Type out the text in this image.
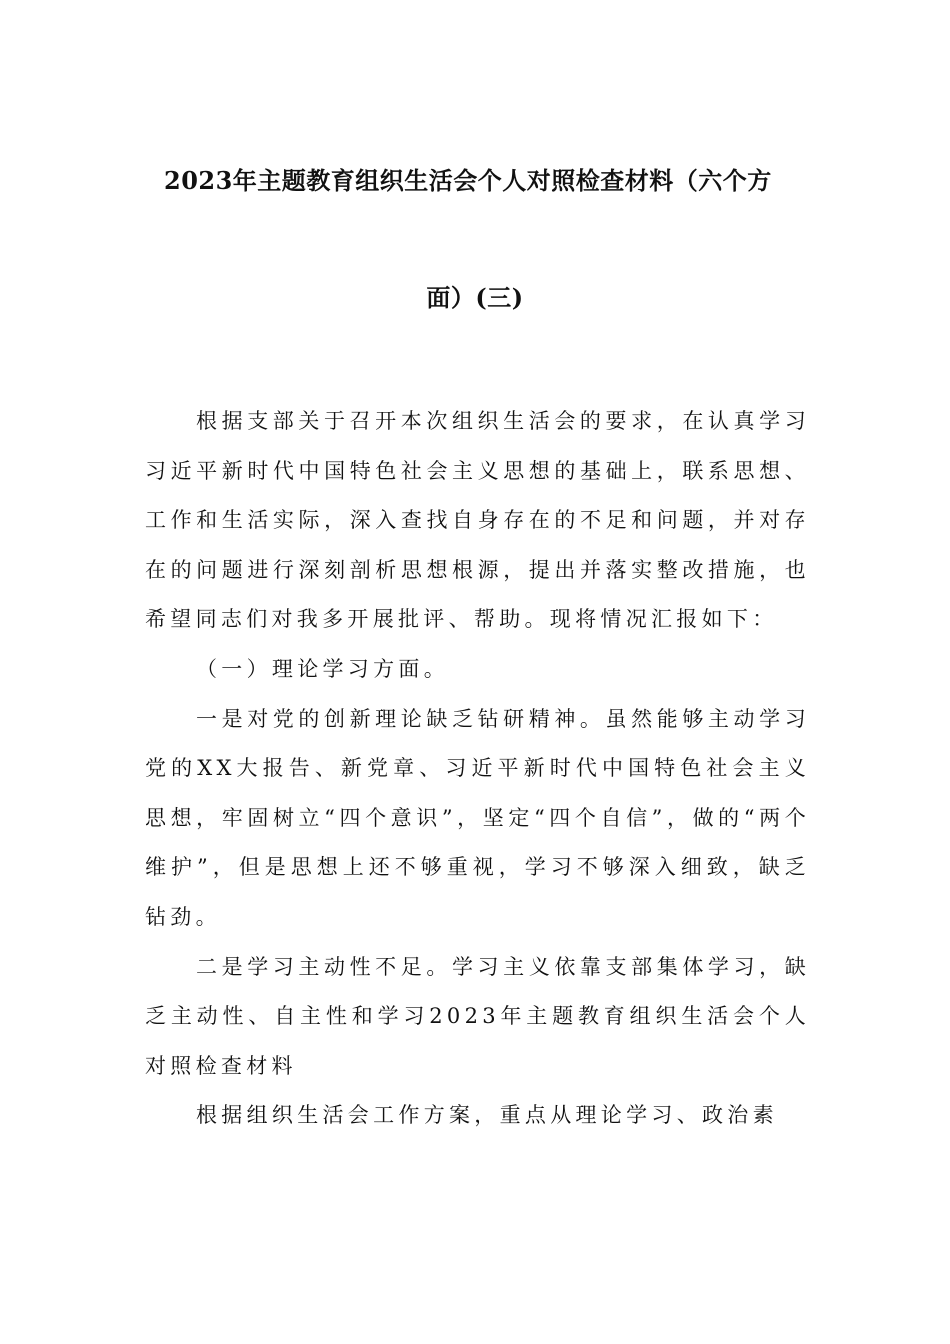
2023年主题教育组织生活会个人对照检查材料（六个方
面）(三)

根据支部关于召开本次组织生活会的要求，在认真学习习近平新时代中国特色社会主义思想的基础上，联系思想、工作和生活实际，深入查找自身存在的不足和问题，并对存在的问题进行深刻剖析思想根源，提出并落实整改措施，也希望同志们对我多开展批评、帮助。现将情况汇报如下：

（一）理论学习方面。

一是对党的创新理论缺乏钻研精神。虽然能够主动学习党的XX大报告、新党章、习近平新时代中国特色社会主义思想，牢固树立“四个意识”，坚定“四个自信”，做的“两个维护”，但是思想上还不够重视，学习不够深入细致，缺乏钻劲。

二是学习主动性不足。学习主义依靠支部集体学习，缺乏主动性、自主性和学习2023年主题教育组织生活会个人对照检查材料

根据组织生活会工作方案，重点从理论学习、政治素
